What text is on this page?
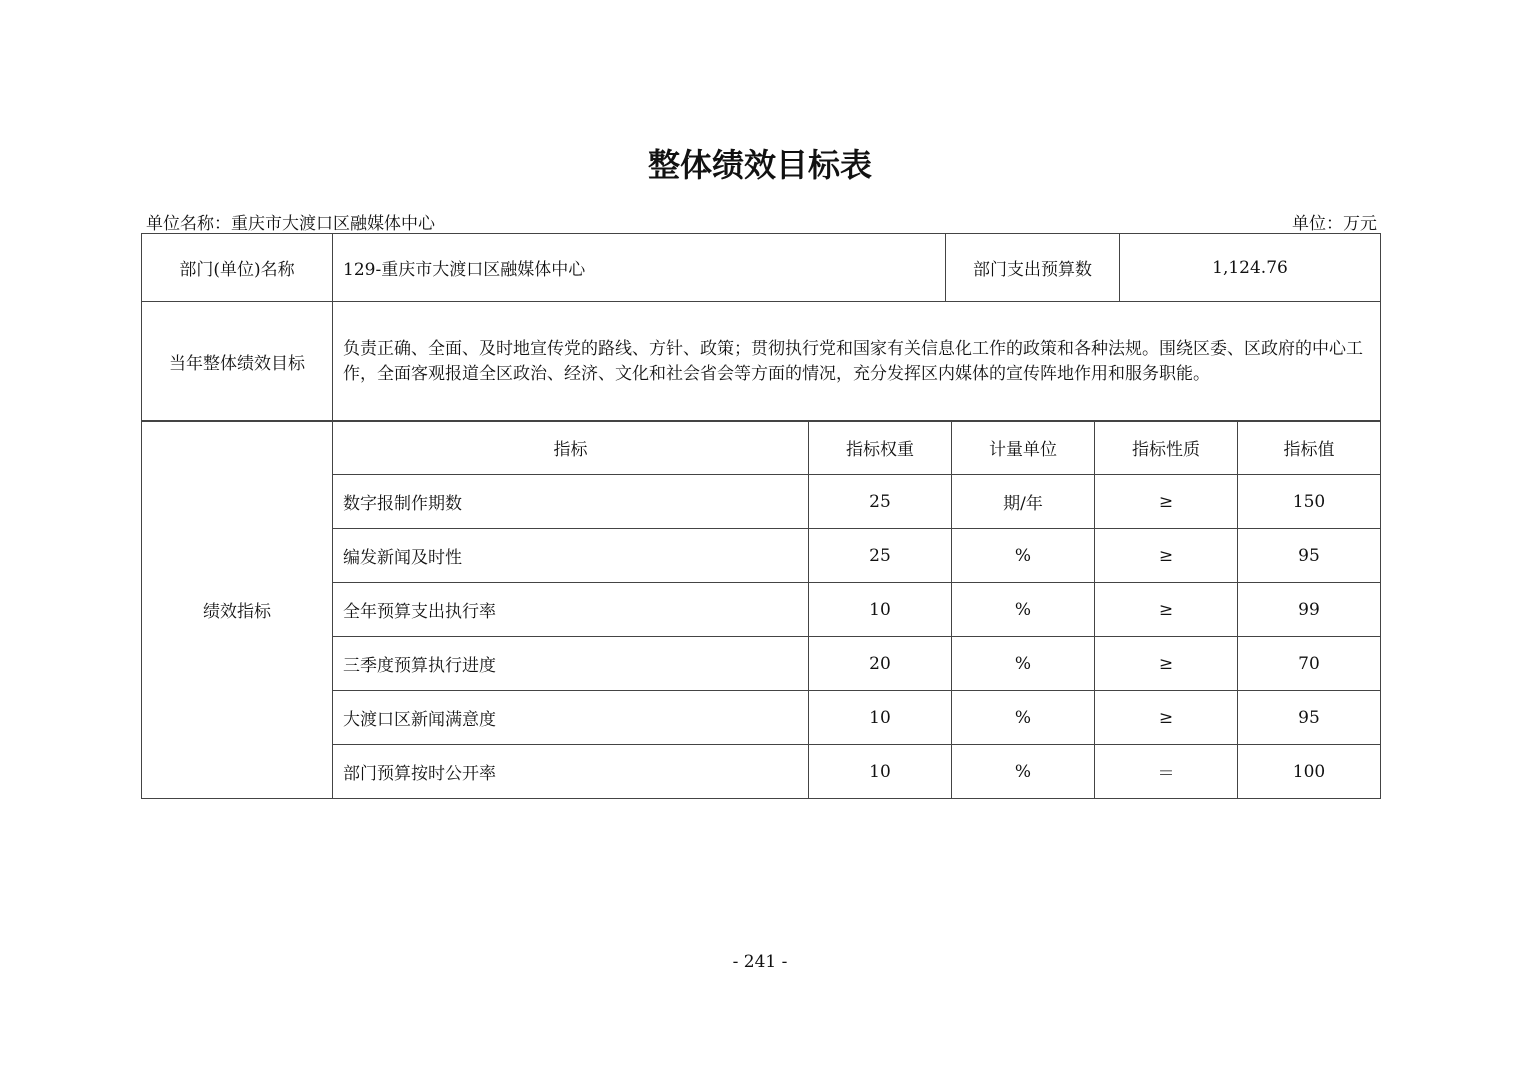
整体绩效目标表
单位名称：重庆市大渡口区融媒体中心	单位：万元
部门(单位)名称	129-重庆市大渡口区融媒体中心	部门支出预算数	1,124.76
当年整体绩效目标	负责正确、全面、及时地宣传党的路线、方针、政策；贯彻执行党和国家有关信息化工作的政策和各种法规。围绕区委、区政府的中心工作，全面客观报道全区政治、经济、文化和社会省会等方面的情况，充分发挥区内媒体的宣传阵地作用和服务职能。		
绩效指标	指标	指标权重	计量单位	指标性质	指标值
	数字报制作期数	25	期/年	≥	150
	编发新闻及时性	25	%	≥	95
	全年预算支出执行率	10	%	≥	99
	三季度预算执行进度	20	%	≥	70
	大渡口区新闻满意度	10	%	≥	95
	部门预算按时公开率	10	%	＝	100
- 241 -
